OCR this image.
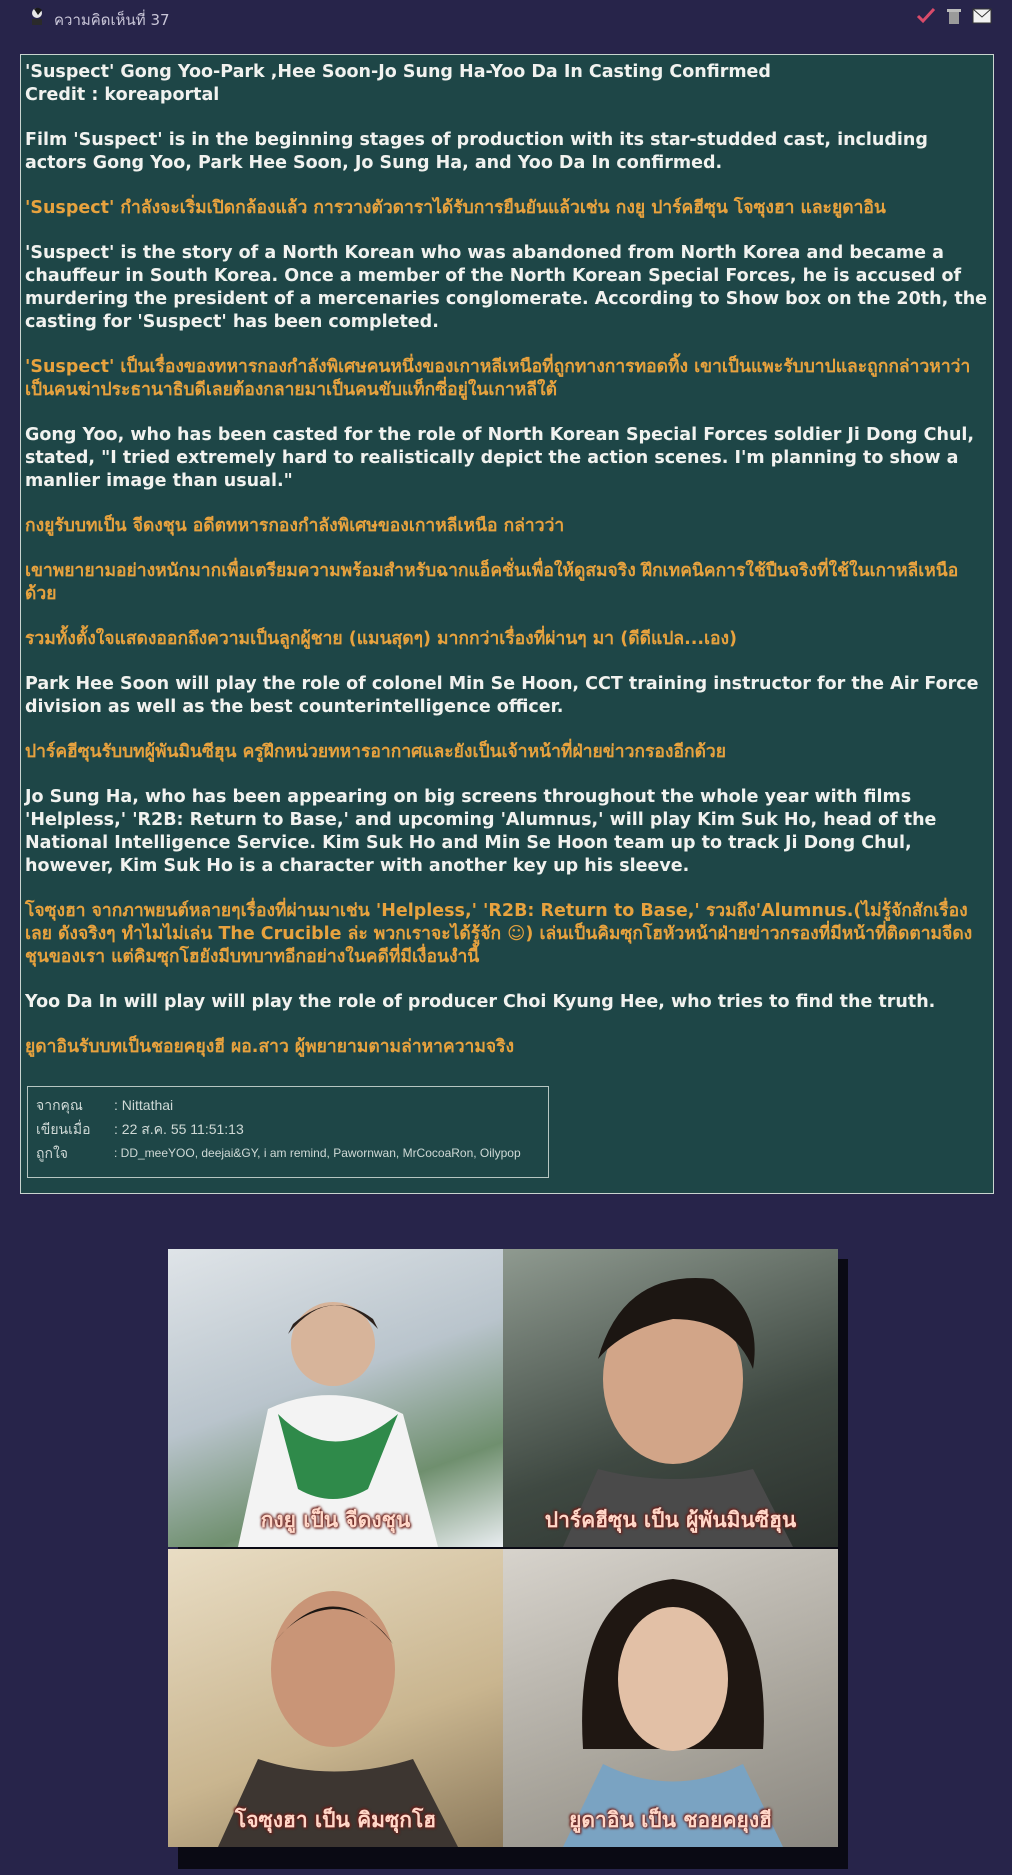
ความคิดเห็นที่ 37

'Suspect' Gong Yoo-Park ,Hee Soon-Jo Sung Ha-Yoo Da In Casting Confirmed
Credit : koreaportal

Film 'Suspect' is in the beginning stages of production with its star-studded cast, including actors Gong Yoo, Park Hee Soon, Jo Sung Ha, and Yoo Da In confirmed.

'Suspect' กำลังจะเริ่มเปิดกล้องแล้ว การวางตัวดาราได้รับการยืนยันแล้วเช่น กงยู ปาร์คฮีซุน โจซุงฮา และยูดาอิน

'Suspect' is the story of a North Korean who was abandoned from North Korea and became a chauffeur in South Korea. Once a member of the North Korean Special Forces, he is accused of murdering the president of a mercenaries conglomerate. According to Show box on the 20th, the casting for 'Suspect' has been completed.

'Suspect' เป็นเรื่องของทหารกองกำลังพิเศษคนหนึ่งของเกาหลีเหนือที่ถูกทางการทอดทิ้ง เขาเป็นแพะรับบาปและถูกกล่าวหาว่าเป็นคนฆ่าประธานาธิบดีเลยต้องกลายมาเป็นคนขับแท็กซี่อยู่ในเกาหลีใต้

Gong Yoo, who has been casted for the role of North Korean Special Forces soldier Ji Dong Chul, stated, "I tried extremely hard to realistically depict the action scenes. I'm planning to show a manlier image than usual."

กงยูรับบทเป็น จีดงชุน อดีตทหารกองกำลังพิเศษของเกาหลีเหนือ กล่าวว่า

เขาพยายามอย่างหนักมากเพื่อเตรียมความพร้อมสำหรับฉากแอ็คชั่นเพื่อให้ดูสมจริง ฝึกเทคนิคการใช้ปืนจริงที่ใช้ในเกาหลีเหนือด้วย

รวมทั้งตั้งใจแสดงออกถึงความเป็นลูกผู้ชาย (แมนสุดๆ) มากกว่าเรื่องที่ผ่านๆ มา (ดีดีแปล...เอง)

Park Hee Soon will play the role of colonel Min Se Hoon, CCT training instructor for the Air Force division as well as the best counterintelligence officer.

ปาร์คฮีซุนรับบทผู้พันมินซีฮุน ครูฝึกหน่วยทหารอากาศและยังเป็นเจ้าหน้าที่ฝ่ายข่าวกรองอีกด้วย

Jo Sung Ha, who has been appearing on big screens throughout the whole year with films 'Helpless,' 'R2B: Return to Base,' and upcoming 'Alumnus,' will play Kim Suk Ho, head of the National Intelligence Service. Kim Suk Ho and Min Se Hoon team up to track Ji Dong Chul, however, Kim Suk Ho is a character with another key up his sleeve.

โจซุงฮา จากภาพยนต์หลายๆเรื่องที่ผ่านมาเช่น 'Helpless,' 'R2B: Return to Base,' รวมถึง'Alumnus.(ไม่รู้จักสักเรื่องเลย ดังจริงๆ ทำไมไม่เล่น The Crucible ล่ะ พวกเราจะได้รู้จัก ☺) เล่นเป็นคิมซุกโฮหัวหน้าฝ่ายข่าวกรองที่มีหน้าที่ติดตามจีดงชุนของเรา แต่คิมซุกโฮยังมีบทบาทอีกอย่างในคดีที่มีเงื่อนงำนี้

Yoo Da In will play will play the role of producer Choi Kyung Hee, who tries to find the truth.

ยูดาอินรับบทเป็นชอยคยุงฮี ผอ.สาว ผู้พยายามตามล่าหาความจริง

จากคุณ	: Nittathai
เขียนเมื่อ	: 22 ส.ค. 55 11:51:13
ถูกใจ	: DD_meeYOO, deejai&GY, i am remind, Pawornwan, MrCocoaRon, Oilypop
กงยู เป็น จีดงชุน	ปาร์คฮีซุน เป็น ผู้พันมินซีฮุน
โจซุงฮา เป็น คิมซุกโฮ	ยูดาอิน เป็น ชอยคยุงฮี
